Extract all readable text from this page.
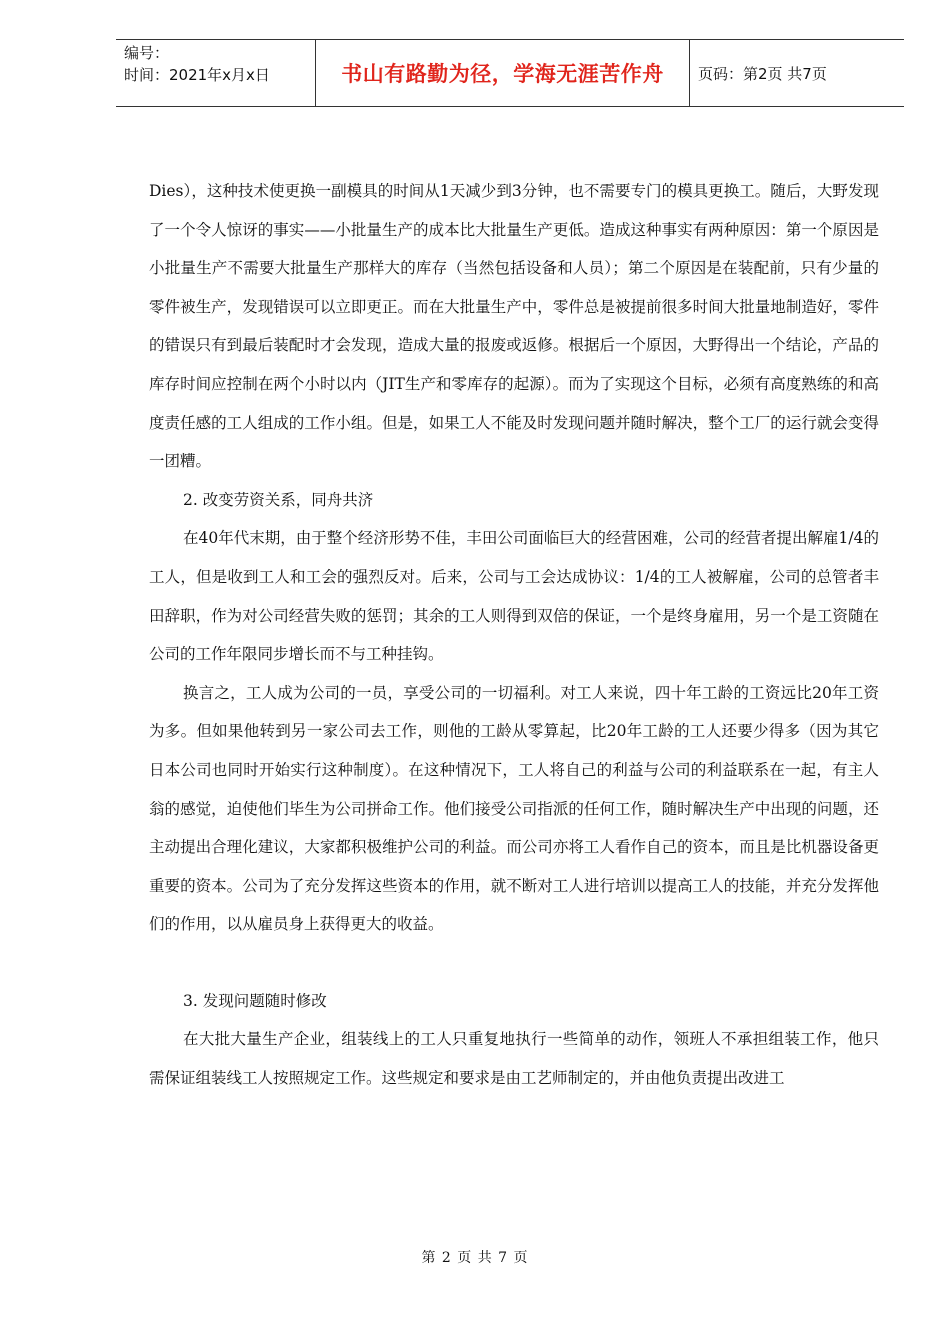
编号：
时间：2021年x月x日	书山有路勤为径，学海无涯苦作舟 页码：第2页 共7页

Dies），这种技术使更换一副模具的时间从1天减少到3分钟，也不需要专门的模具更换工。随后，大野发现了一个令人惊讶的事实——小批量生产的成本比大批量生产更低。造成这种事实有两种原因：第一个原因是小批量生产不需要大批量生产那样大的库存（当然包括设备和人员）；第二个原因是在装配前，只有少量的零件被生产，发现错误可以立即更正。而在大批量生产中，零件总是被提前很多时间大批量地制造好，零件的错误只有到最后装配时才会发现，造成大量的报废或返修。根据后一个原因，大野得出一个结论，产品的库存时间应控制在两个小时以内（JIT生产和零库存的起源）。而为了实现这个目标，必须有高度熟练的和高度责任感的工人组成的工作小组。但是，如果工人不能及时发现问题并随时解决，整个工厂的运行就会变得一团糟。

2. 改变劳资关系，同舟共济

在40年代末期，由于整个经济形势不佳，丰田公司面临巨大的经营困难，公司的经营者提出解雇1/4的工人，但是收到工人和工会的强烈反对。后来，公司与工会达成协议：1/4的工人被解雇，公司的总管者丰田辞职，作为对公司经营失败的惩罚；其余的工人则得到双倍的保证，一个是终身雇用，另一个是工资随在公司的工作年限同步增长而不与工种挂钩。

换言之，工人成为公司的一员，享受公司的一切福利。对工人来说，四十年工龄的工资远比20年工资为多。但如果他转到另一家公司去工作，则他的工龄从零算起，比20年工龄的工人还要少得多（因为其它日本公司也同时开始实行这种制度）。在这种情况下，工人将自己的利益与公司的利益联系在一起，有主人翁的感觉，迫使他们毕生为公司拼命工作。他们接受公司指派的任何工作，随时解决生产中出现的问题，还主动提出合理化建议，大家都积极维护公司的利益。而公司亦将工人看作自己的资本，而且是比机器设备更重要的资本。公司为了充分发挥这些资本的作用，就不断对工人进行培训以提高工人的技能，并充分发挥他们的作用，以从雇员身上获得更大的收益。

3. 发现问题随时修改

在大批大量生产企业，组装线上的工人只重复地执行一些简单的动作，领班人不承担组装工作，他只需保证组装线工人按照规定工作。这些规定和要求是由工艺师制定的，并由他负责提出改进工

第 2 页 共 7 页
